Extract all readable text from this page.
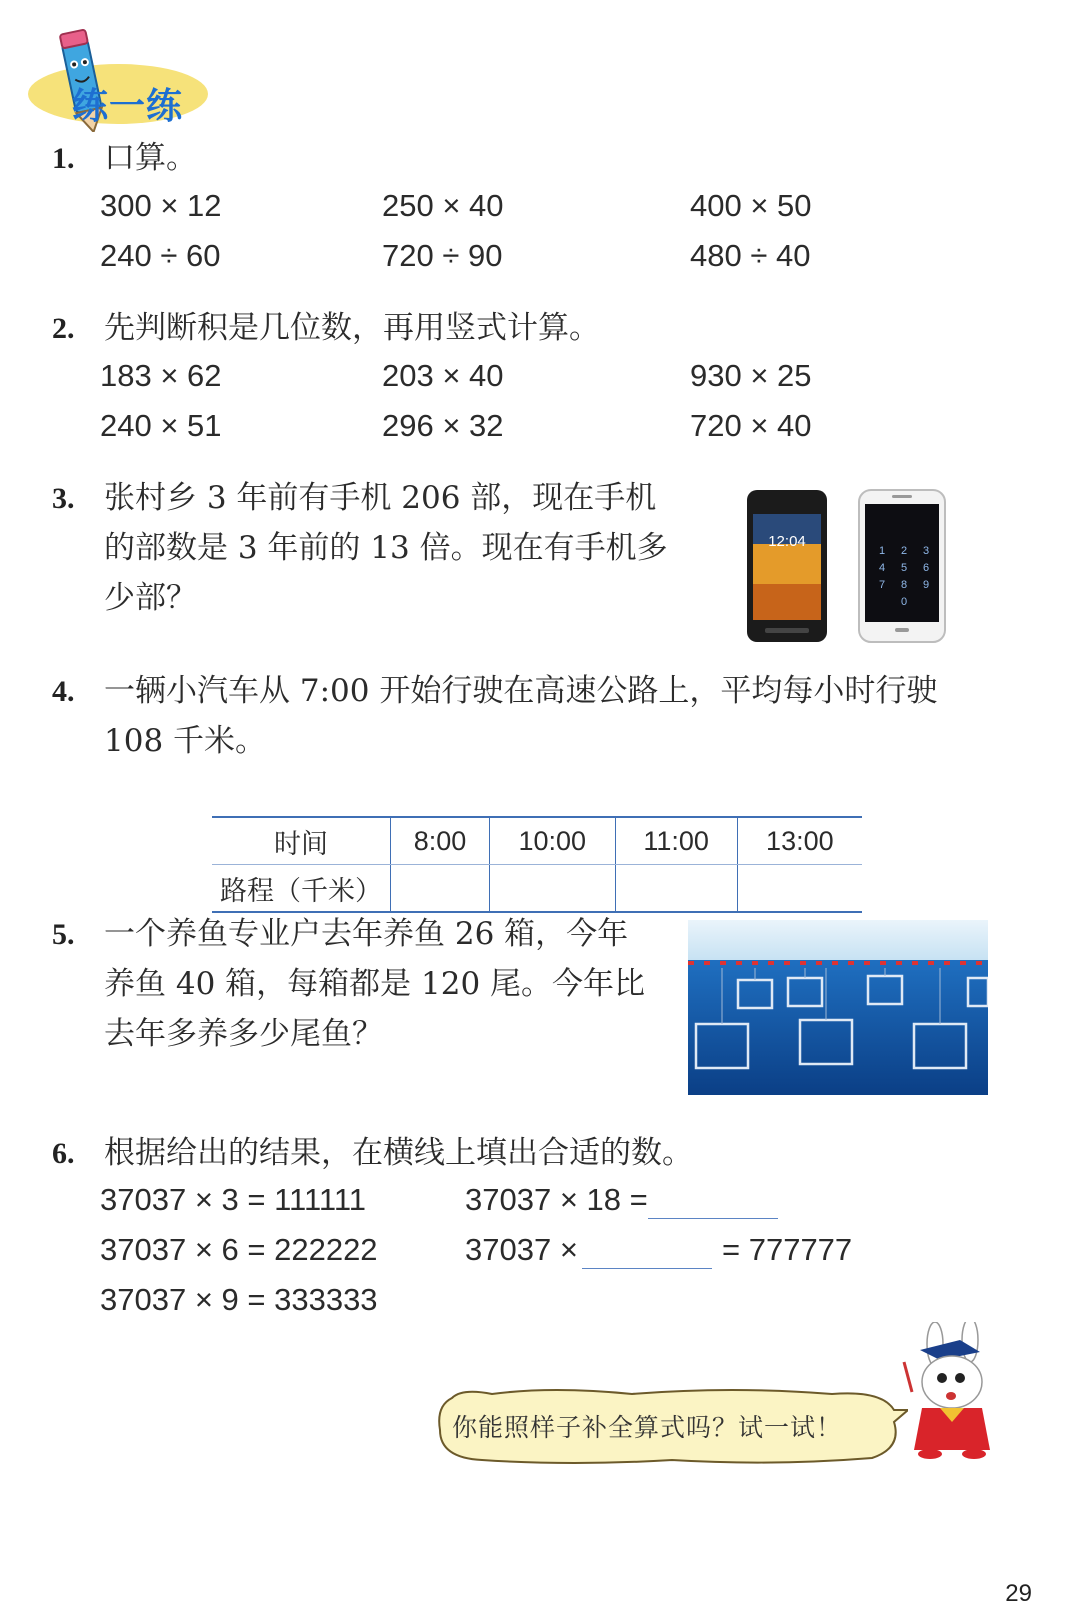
练一练
1. 口算。
300 × 12	250 × 40	400 × 50
240 ÷ 60	720 ÷ 90	480 ÷ 40
2. 先判断积是几位数，再用竖式计算。
183 × 62	203 × 40	930 × 25
240 × 51	296 × 32	720 × 40
3. 张村乡 3 年前有手机 206 部，现在手机
的部数是 3 年前的 13 倍。现在有手机多
少部？
12:04
1 2 3
4 5 6
7 8 9
0
4. 一辆小汽车从 7:00 开始行驶在高速公路上，平均每小时行驶
108 千米。
时间	8:00	10:00	11:00	13:00
路程（千米）				
5. 一个养鱼专业户去年养鱼 26 箱，今年
养鱼 40 箱，每箱都是 120 尾。今年比
去年多养多少尾鱼？
6. 根据给出的结果，在横线上填出合适的数。
37037 × 3 = 111111
37037 × 6 = 222222
37037 × 9 = 333333
37037 × 18 =
37037 ×	= 777777
你能照样子补全算式吗？试一试！
29
